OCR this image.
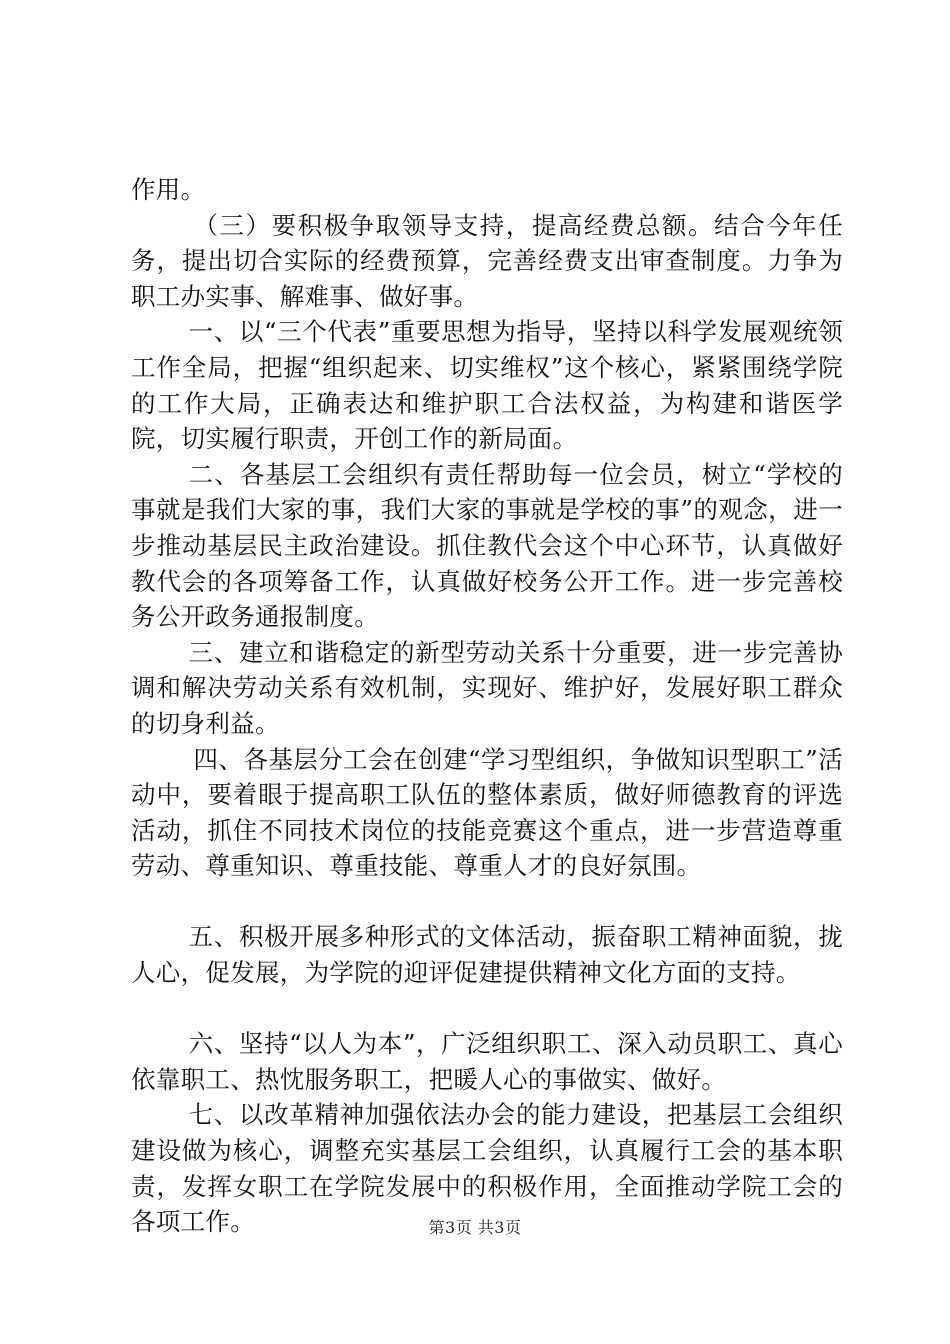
作用。

（三）要积极争取领导支持，提高经费总额。结合今年任务，提出切合实际的经费预算，完善经费支出审查制度。力争为职工办实事、解难事、做好事。

一、以“三个代表”重要思想为指导，坚持以科学发展观统领工作全局，把握“组织起来、切实维权”这个核心，紧紧围绕学院的工作大局，正确表达和维护职工合法权益，为构建和谐医学院，切实履行职责，开创工作的新局面。

二、各基层工会组织有责任帮助每一位会员，树立“学校的事就是我们大家的事，我们大家的事就是学校的事”的观念，进一步推动基层民主政治建设。抓住教代会这个中心环节，认真做好教代会的各项筹备工作，认真做好校务公开工作。进一步完善校务公开政务通报制度。

三、建立和谐稳定的新型劳动关系十分重要，进一步完善协调和解决劳动关系有效机制，实现好、维护好，发展好职工群众的切身利益。

四、各基层分工会在创建“学习型组织，争做知识型职工”活动中，要着眼于提高职工队伍的整体素质，做好师德教育的评选活动，抓住不同技术岗位的技能竞赛这个重点，进一步营造尊重劳动、尊重知识、尊重技能、尊重人才的良好氛围。

五、积极开展多种形式的文体活动，振奋职工精神面貌，拢人心，促发展，为学院的迎评促建提供精神文化方面的支持。

六、坚持“以人为本”，广泛组织职工、深入动员职工、真心依靠职工、热忱服务职工，把暖人心的事做实、做好。

七、以改革精神加强依法办会的能力建设，把基层工会组织建设做为核心，调整充实基层工会组织，认真履行工会的基本职责，发挥女职工在学院发展中的积极作用，全面推动学院工会的各项工作。	第3页 共3页
